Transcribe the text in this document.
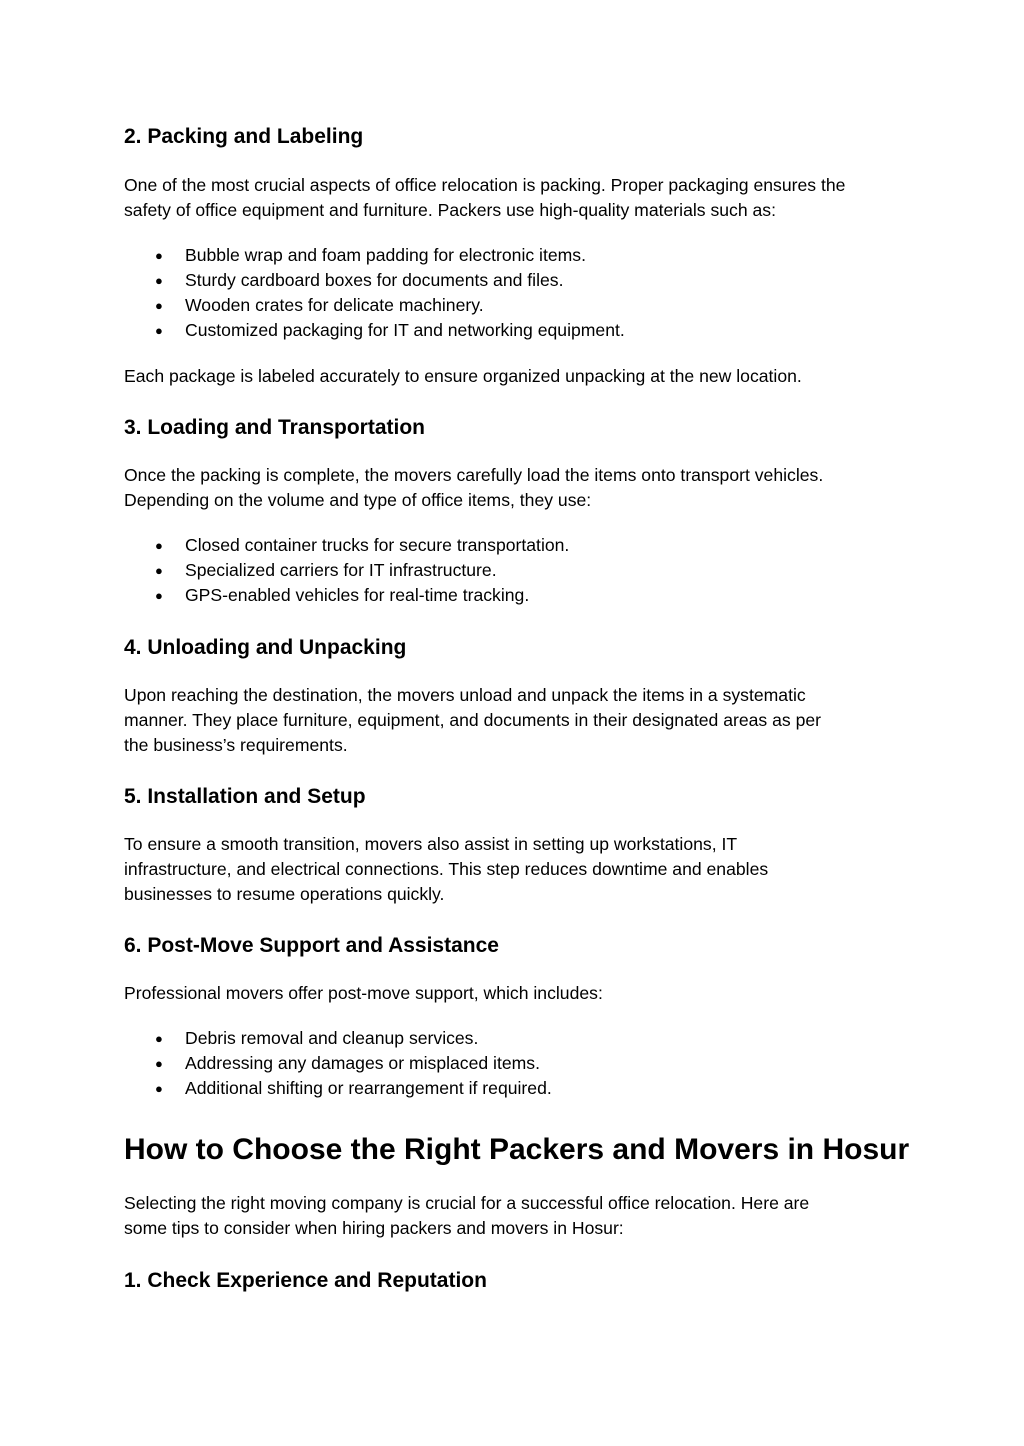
2. Packing and Labeling

One of the most crucial aspects of office relocation is packing. Proper packaging ensures the

safety of office equipment and furniture. Packers use high-quality materials such as:

●	Bubble wrap and foam padding for electronic items.
●	Sturdy cardboard boxes for documents and files.
●	Wooden crates for delicate machinery.
●	Customized packaging for IT and networking equipment.

Each package is labeled accurately to ensure organized unpacking at the new location.

3. Loading and Transportation

Once the packing is complete, the movers carefully load the items onto transport vehicles.

Depending on the volume and type of office items, they use:

●	Closed container trucks for secure transportation.
●	Specialized carriers for IT infrastructure.
●	GPS-enabled vehicles for real-time tracking.
4. Unloading and Unpacking

Upon reaching the destination, the movers unload and unpack the items in a systematic

manner. They place furniture, equipment, and documents in their designated areas as per

the business’s requirements.

5. Installation and Setup

To ensure a smooth transition, movers also assist in setting up workstations, IT

infrastructure, and electrical connections. This step reduces downtime and enables

businesses to resume operations quickly.

6. Post-Move Support and Assistance

Professional movers offer post-move support, which includes:

●	Debris removal and cleanup services.
●	Addressing any damages or misplaced items.
●	Additional shifting or rearrangement if required.
How to Choose the Right Packers and Movers in Hosur

Selecting the right moving company is crucial for a successful office relocation. Here are

some tips to consider when hiring packers and movers in Hosur:

1. Check Experience and Reputation
